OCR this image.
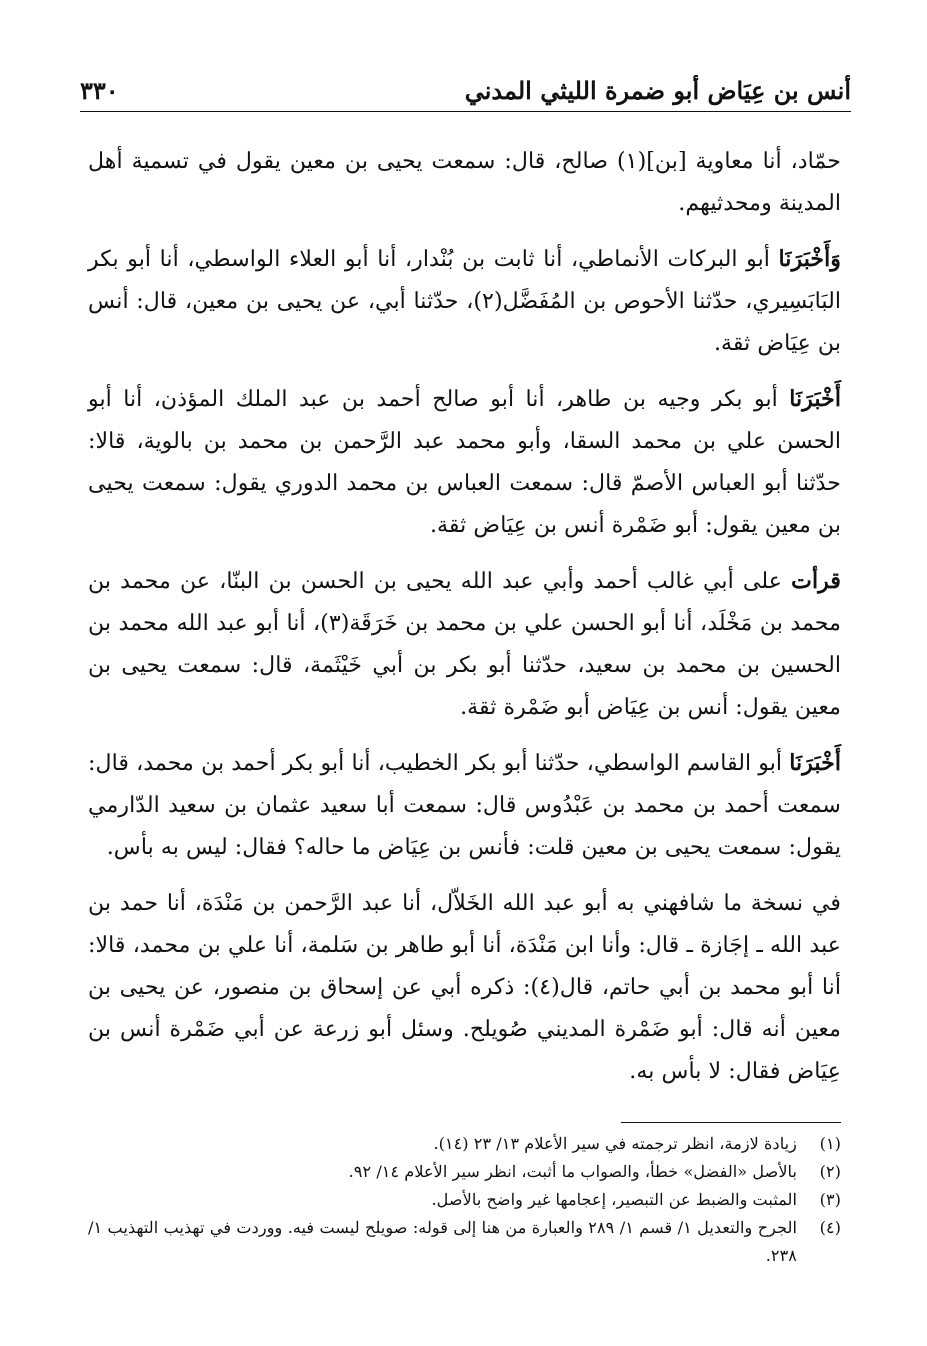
أنس بن عِيَاض أبو ضمرة الليثي المدني
٣٣٠

حمّاد، أنا معاوية [بن](١) صالح، قال: سمعت يحيى بن معين يقول في تسمية أهل المدينة ومحدثيهم.

وَأَخْبَرَنَا أبو البركات الأنماطي، أنا ثابت بن بُنْدار، أنا أبو العلاء الواسطي، أنا أبو بكر البَابَسِيري، حدّثنا الأحوص بن المُفَضَّل(٢)، حدّثنا أبي، عن يحيى بن معين، قال: أنس بن عِيَاض ثقة.

أَخْبَرَنَا أبو بكر وجيه بن طاهر، أنا أبو صالح أحمد بن عبد الملك المؤذن، أنا أبو الحسن علي بن محمد السقا، وأبو محمد عبد الرَّحمن بن محمد بن بالوية، قالا: حدّثنا أبو العباس الأصمّ قال: سمعت العباس بن محمد الدوري يقول: سمعت يحيى بن معين يقول: أبو ضَمْرة أنس بن عِيَاض ثقة.

قرأت على أبي غالب أحمد وأبي عبد الله يحيى بن الحسن بن البنّا، عن محمد بن محمد بن مَخْلَد، أنا أبو الحسن علي بن محمد بن خَرَقَة(٣)، أنا أبو عبد الله محمد بن الحسين بن محمد بن سعيد، حدّثنا أبو بكر بن أبي خَيْثَمة، قال: سمعت يحيى بن معين يقول: أنس بن عِيَاض أبو ضَمْرة ثقة.

أَخْبَرَنَا أبو القاسم الواسطي، حدّثنا أبو بكر الخطيب، أنا أبو بكر أحمد بن محمد، قال: سمعت أحمد بن محمد بن عَبْدُوس قال: سمعت أبا سعيد عثمان بن سعيد الدّارمي يقول: سمعت يحيى بن معين قلت: فأنس بن عِيَاض ما حاله؟ فقال: ليس به بأس.

في نسخة ما شافهني به أبو عبد الله الخَلاّل، أنا عبد الرَّحمن بن مَنْدَة، أنا حمد بن عبد الله ـ إجَازة ـ قال: وأنا ابن مَنْدَة، أنا أبو طاهر بن سَلمة، أنا علي بن محمد، قالا: أنا أبو محمد بن أبي حاتم، قال(٤): ذكره أبي عن إسحاق بن منصور، عن يحيى بن معين أنه قال: أبو ضَمْرة المديني صُويلح. وسئل أبو زرعة عن أبي ضَمْرة أنس بن عِيَاض فقال: لا بأس به.

(١)
زيادة لازمة، انظر ترجمته في سير الأعلام ١٣/ ٢٣ (١٤).
(٢)
بالأصل «الفضل» خطأ، والصواب ما أثبت، انظر سير الأعلام ١٤/ ٩٢.
(٣)
المثبت والضبط عن التبصير، إعجامها غير واضح بالأصل.
(٤)
الجرح والتعديل ١/ قسم ١/ ٢٨٩ والعبارة من هنا إلى قوله: صويلح ليست فيه. ووردت في تهذيب التهذيب ١/ ٢٣٨.
